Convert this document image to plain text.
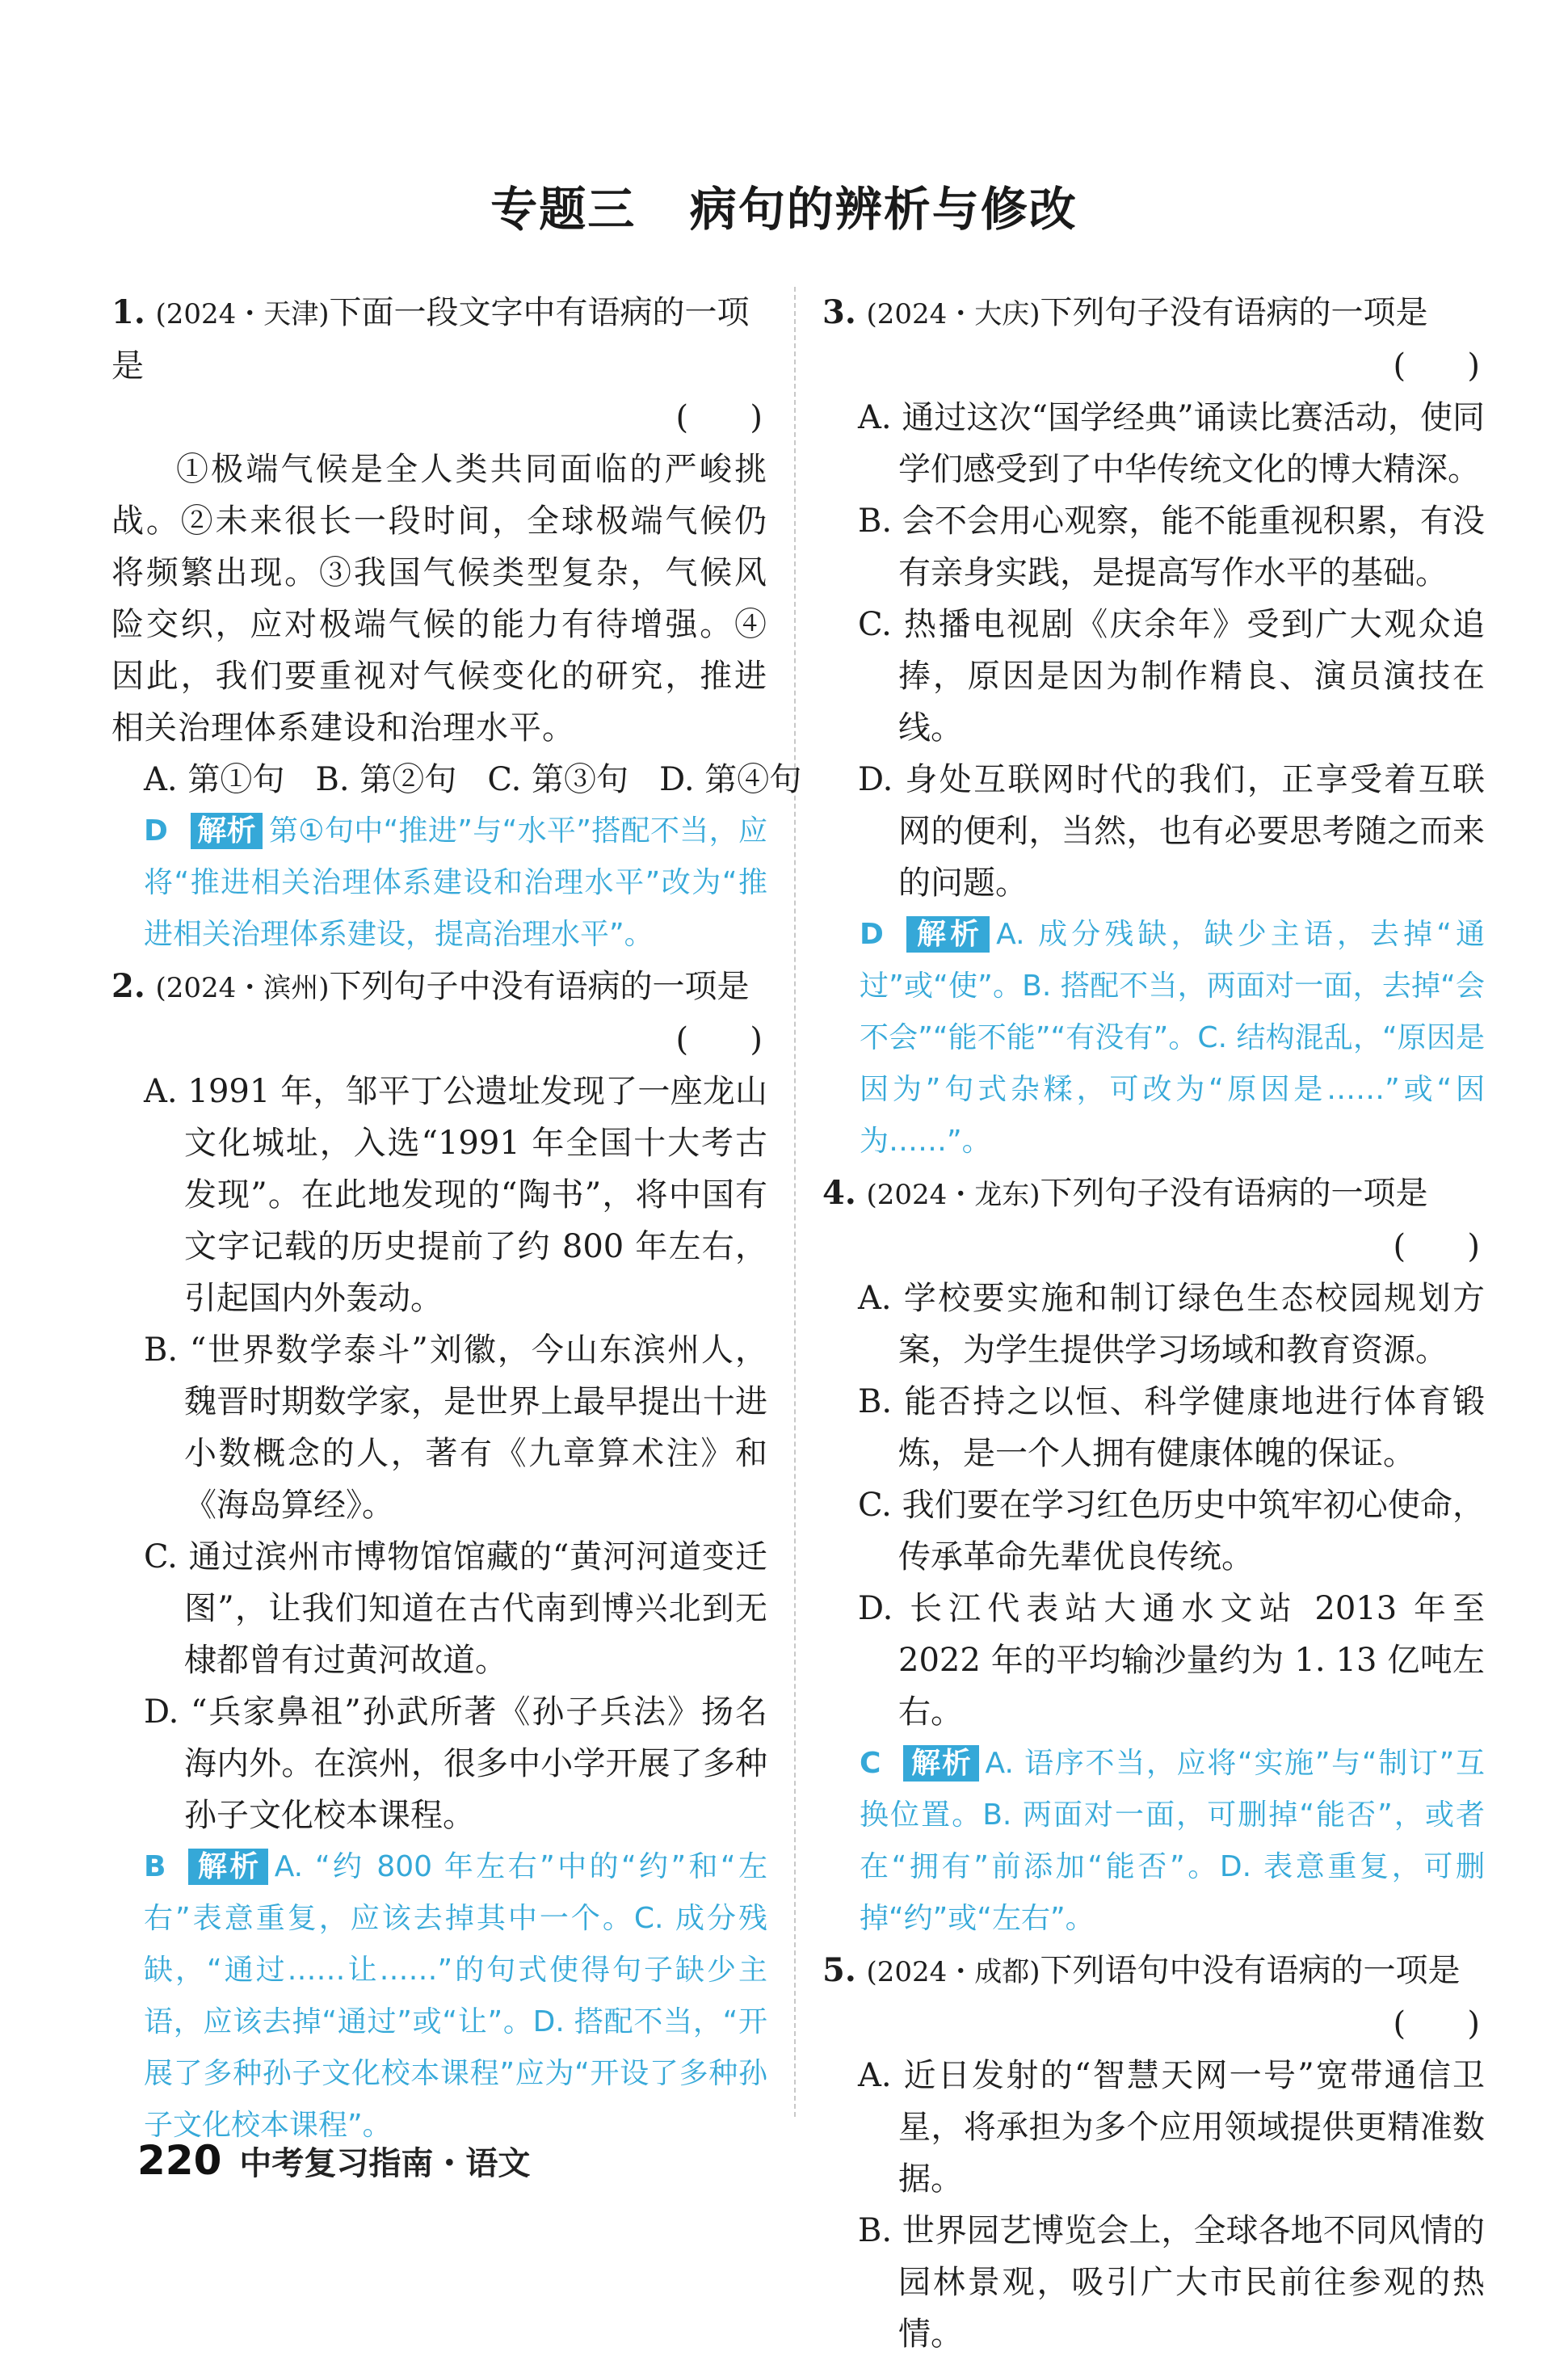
专题三   病句的辨析与修改
1. (2024・天津)下面一段文字中有语病的一项是
(      )
①极端气候是全人类共同面临的严峻挑战。②未来很长一段时间，全球极端气候仍将频繁出现。③我国气候类型复杂，气候风险交织，应对极端气候的能力有待增强。④因此，我们要重视对气候变化的研究，推进相关治理体系建设和治理水平。
A. 第①句   B. 第②句   C. 第③句   D. 第④句
D 解析 第①句中“推进”与“水平”搭配不当，应将“推进相关治理体系建设和治理水平”改为“推进相关治理体系建设，提高治理水平”。
2. (2024・滨州)下列句子中没有语病的一项是
(      )
A. 1991 年，邹平丁公遗址发现了一座龙山文化城址，入选“1991 年全国十大考古发现”。在此地发现的“陶书”，将中国有文字记载的历史提前了约 800 年左右，引起国内外轰动。
B. “世界数学泰斗”刘徽，今山东滨州人，魏晋时期数学家，是世界上最早提出十进小数概念的人，著有《九章算术注》和《海岛算经》。
C. 通过滨州市博物馆馆藏的“黄河河道变迁图”，让我们知道在古代南到博兴北到无棣都曾有过黄河故道。
D. “兵家鼻祖”孙武所著《孙子兵法》扬名海内外。在滨州，很多中小学开展了多种孙子文化校本课程。
B 解析 A. “约 800 年左右”中的“约”和“左右”表意重复，应该去掉其中一个。C. 成分残缺，“通过……让……”的句式使得句子缺少主语，应该去掉“通过”或“让”。D. 搭配不当，“开展了多种孙子文化校本课程”应为“开设了多种孙子文化校本课程”。
3. (2024・大庆)下列句子没有语病的一项是
(      )
A. 通过这次“国学经典”诵读比赛活动，使同学们感受到了中华传统文化的博大精深。
B. 会不会用心观察，能不能重视积累，有没有亲身实践，是提高写作水平的基础。
C. 热播电视剧《庆余年》受到广大观众追捧，原因是因为制作精良、演员演技在线。
D. 身处互联网时代的我们，正享受着互联网的便利，当然，也有必要思考随之而来的问题。
D 解析 A. 成分残缺，缺少主语，去掉“通过”或“使”。B. 搭配不当，两面对一面，去掉“会不会”“能不能”“有没有”。C. 结构混乱，“原因是因为”句式杂糅，可改为“原因是……”或“因为……”。
4. (2024・龙东)下列句子没有语病的一项是
(      )
A. 学校要实施和制订绿色生态校园规划方案，为学生提供学习场域和教育资源。
B. 能否持之以恒、科学健康地进行体育锻炼，是一个人拥有健康体魄的保证。
C. 我们要在学习红色历史中筑牢初心使命，传承革命先辈优良传统。
D. 长江代表站大通水文站 2013 年至 2022 年的平均输沙量约为 1. 13 亿吨左右。
C 解析 A. 语序不当，应将“实施”与“制订”互换位置。B. 两面对一面，可删掉“能否”，或者在“拥有”前添加“能否”。D. 表意重复，可删掉“约”或“左右”。
5. (2024・成都)下列语句中没有语病的一项是
(      )
A. 近日发射的“智慧天网一号”宽带通信卫星，将承担为多个应用领域提供更精准数据。
B. 世界园艺博览会上，全球各地不同风情的园林景观，吸引广大市民前往参观的热情。
220 中考复习指南・语文
